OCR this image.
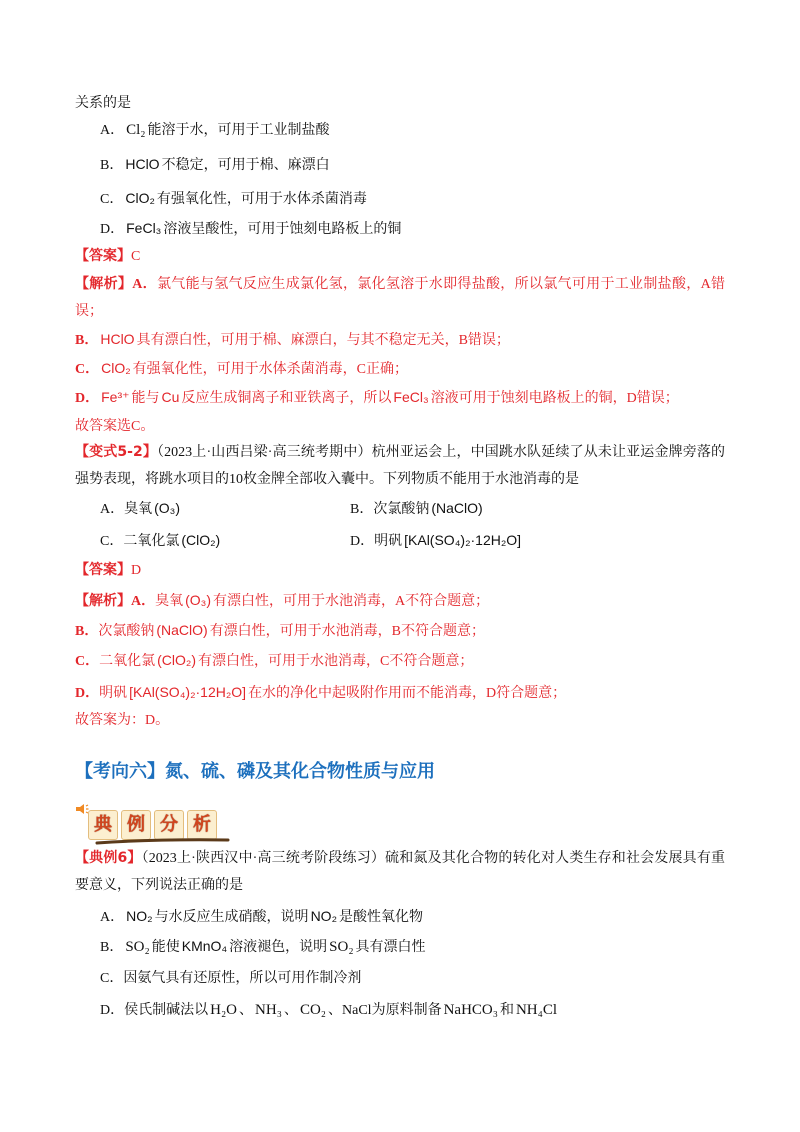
关系的是
A． Cl₂ 能溶于水，可用于工业制盐酸
B． HClO 不稳定，可用于棉、麻漂白
C． ClO₂ 有强氧化性，可用于水体杀菌消毒
D． FeCl₃ 溶液呈酸性，可用于蚀刻电路板上的铜
【答案】C
【解析】A．氯气能与氢气反应生成氯化氢，氯化氢溶于水即得盐酸，所以氯气可用于工业制盐酸，A错误；
B． HClO 具有漂白性，可用于棉、麻漂白，与其不稳定无关，B错误；
C． ClO₂ 有强氧化性，可用于水体杀菌消毒，C正确；
D． Fe³⁺ 能与 Cu 反应生成铜离子和亚铁离子，所以 FeCl₃ 溶液可用于蚀刻电路板上的铜，D错误；
故答案选C。
【变式5-2】（2023上·山西吕梁·高三统考期中）杭州亚运会上，中国跳水队延续了从未让亚运金牌旁落的强势表现，将跳水项目的10枚金牌全部收入囊中。下列物质不能用于水池消毒的是
A．臭氧 (O₃)	B．次氯酸钠 (NaClO)
C．二氧化氯 (ClO₂)	D．明矾 [KAl(SO₄)₂·12H₂O]
【答案】D
【解析】A．臭氧 (O₃) 有漂白性，可用于水池消毒，A不符合题意；
B．次氯酸钠 (NaClO) 有漂白性，可用于水池消毒，B不符合题意；
C．二氧化氯 (ClO₂) 有漂白性，可用于水池消毒，C不符合题意；
D．明矾 [KAl(SO₄)₂·12H₂O] 在水的净化中起吸附作用而不能消毒，D符合题意；
故答案为：D。
【考向六】氮、硫、磷及其化合物性质与应用
典 例 分 析
【典例6】（2023上·陕西汉中·高三统考阶段练习）硫和氮及其化合物的转化对人类生存和社会发展具有重要意义，下列说法正确的是
A． NO₂ 与水反应生成硝酸，说明 NO₂ 是酸性氧化物
B． SO₂ 能使 KMnO₄ 溶液褪色，说明 SO₂ 具有漂白性
C．因氨气具有还原性，所以可用作制冷剂
D．侯氏制碱法以 H₂O 、 NH₃ 、 CO₂ 、NaCl为原料制备 NaHCO₃ 和 NH₄Cl
